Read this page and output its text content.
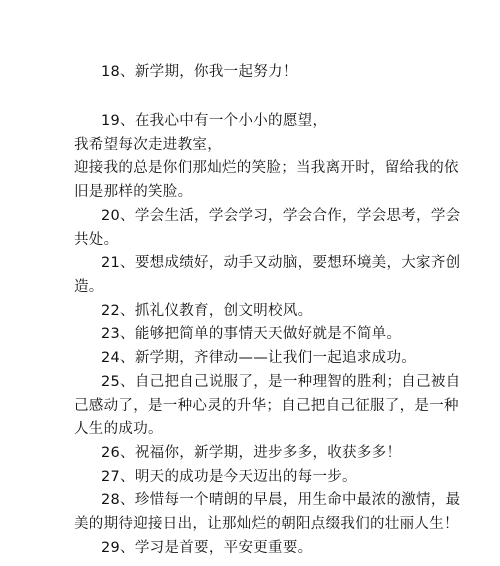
18、新学期，你我一起努力！
19、在我心中有一个小小的愿望，
我希望每次走进教室，
迎接我的总是你们那灿烂的笑脸；当我离开时，留给我的依
旧是那样的笑脸。
20、学会生活，学会学习，学会合作，学会思考，学会
共处。
21、要想成绩好，动手又动脑，要想环境美，大家齐创
造。
22、抓礼仪教育，创文明校风。
23、能够把简单的事情天天做好就是不简单。
24、新学期，齐律动——让我们一起追求成功。
25、自己把自己说服了，是一种理智的胜利；自己被自
己感动了，是一种心灵的升华；自己把自己征服了，是一种
人生的成功。
26、祝福你，新学期，进步多多，收获多多！
27、明天的成功是今天迈出的每一步。
28、珍惜每一个晴朗的早晨，用生命中最浓的激情，最
美的期待迎接日出，让那灿烂的朝阳点缀我们的壮丽人生！
29、学习是首要，平安更重要。
